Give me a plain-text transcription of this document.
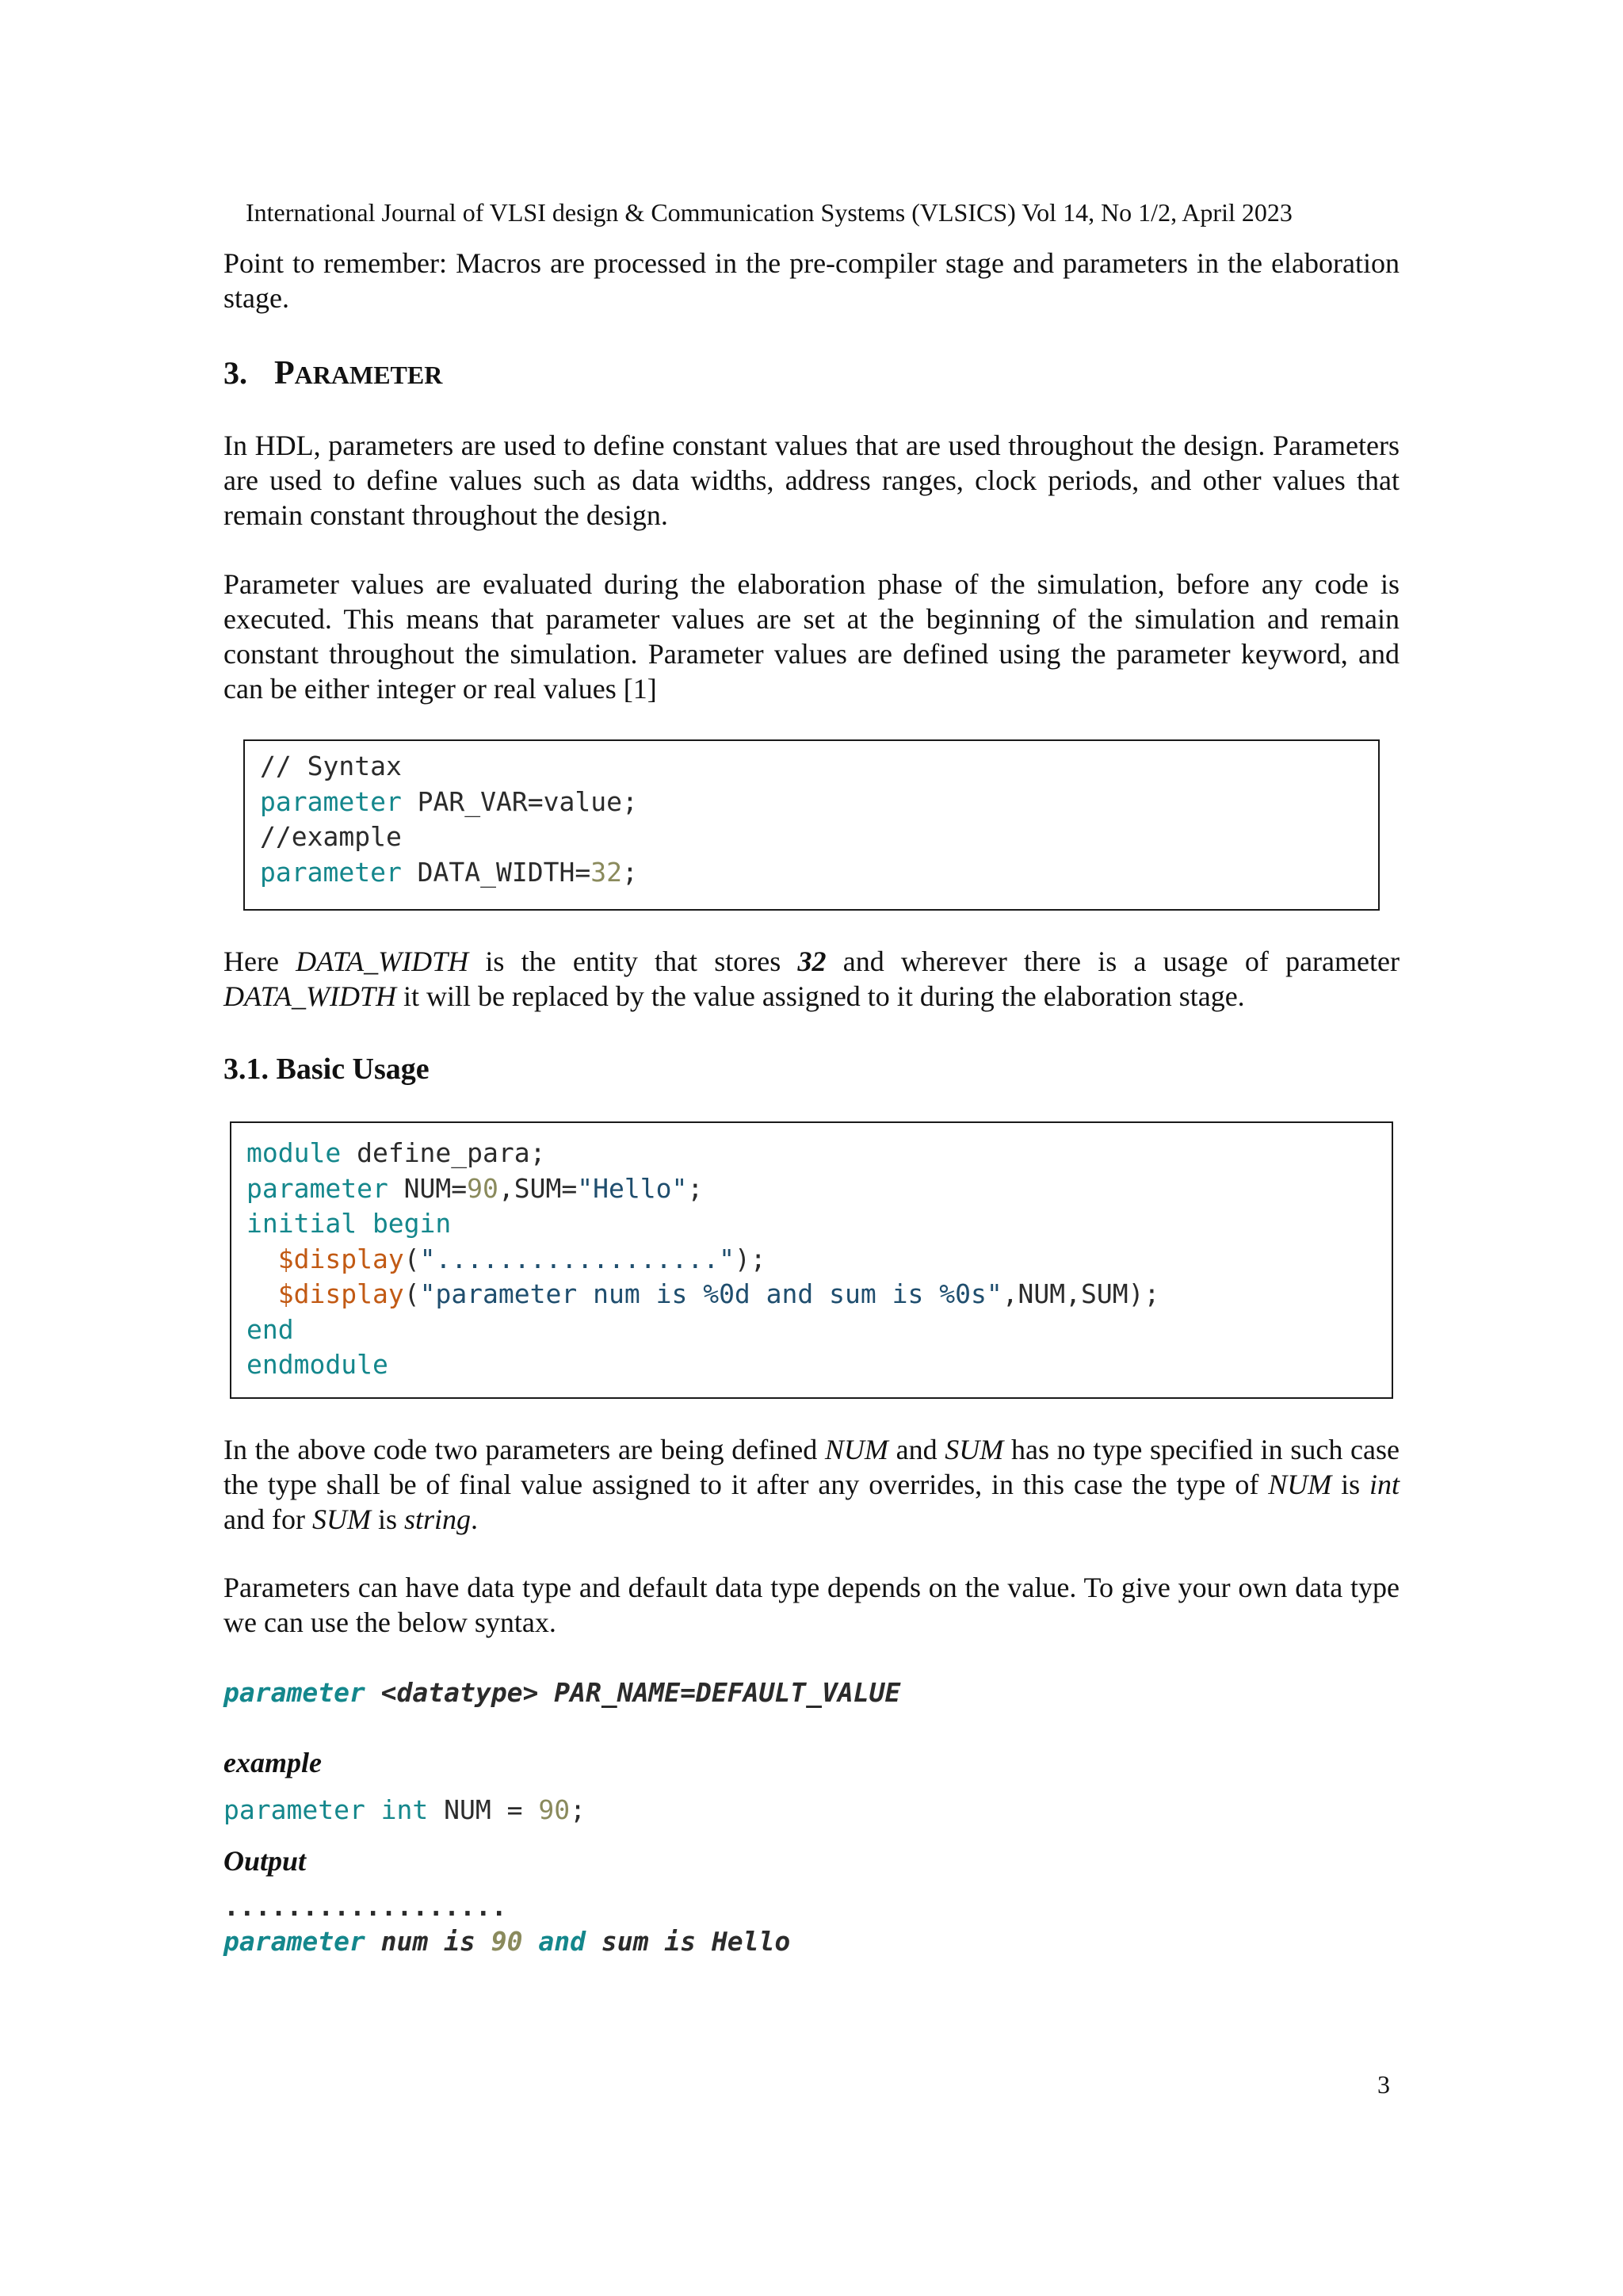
International Journal of VLSI design & Communication Systems (VLSICS) Vol 14, No 1/2, April 2023
Point to remember: Macros are processed in the pre-compiler stage and parameters in the elaboration stage.
3. PARAMETER
In HDL, parameters are used to define constant values that are used throughout the design. Parameters are used to define values such as data widths, address ranges, clock periods, and other values that remain constant throughout the design.
Parameter values are evaluated during the elaboration phase of the simulation, before any code is executed. This means that parameter values are set at the beginning of the simulation and remain constant throughout the simulation. Parameter values are defined using the parameter keyword, and can be either integer or real values [1]
// Syntax
parameter PAR_VAR=value;
//example
parameter DATA_WIDTH=32;
Here DATA_WIDTH is the entity that stores 32 and wherever there is a usage of parameter DATA_WIDTH it will be replaced by the value assigned to it during the elaboration stage.
3.1. Basic Usage
module define_para;
parameter NUM=90,SUM="Hello";
initial begin
$display("..................");
$display("parameter num is %0d and sum is %0s",NUM,SUM);
end
endmodule
In the above code two parameters are being defined NUM and SUM has no type specified in such case the type shall be of final value assigned to it after any overrides, in this case the type of NUM is int and for SUM is string.
Parameters can have data type and default data type depends on the value. To give your own data type we can use the below syntax.
parameter <datatype> PAR_NAME=DEFAULT_VALUE
example
parameter int NUM = 90;
Output
..................
parameter num is 90 and sum is Hello
3
